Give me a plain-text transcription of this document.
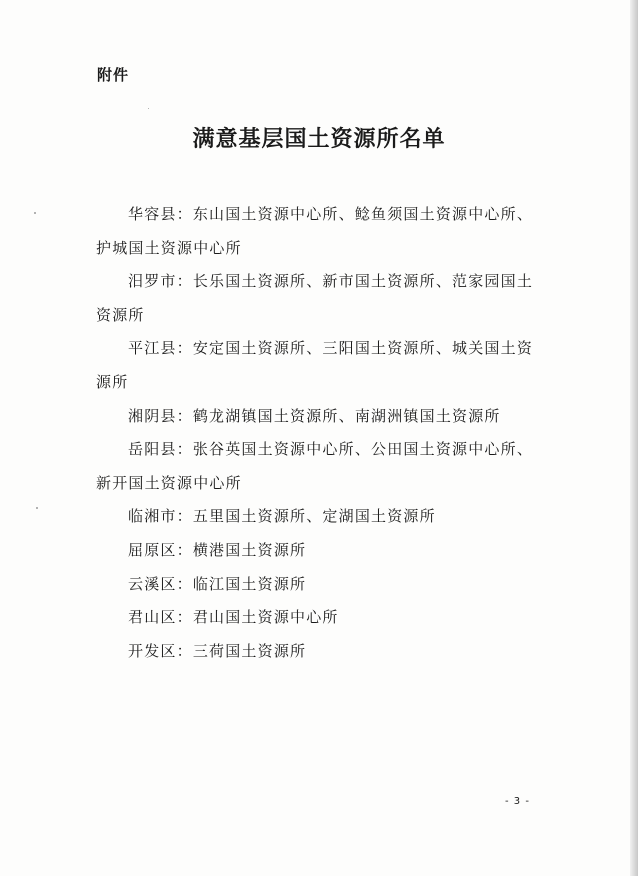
附件
满意基层国土资源所名单

华容县：东山国土资源中心所、鲶鱼须国土资源中心所、护城国土资源中心所

汨罗市：长乐国土资源所、新市国土资源所、范家园国土资源所

平江县：安定国土资源所、三阳国土资源所、城关国土资源所

湘阴县：鹤龙湖镇国土资源所、南湖洲镇国土资源所

岳阳县：张谷英国土资源中心所、公田国土资源中心所、新开国土资源中心所

临湘市：五里国土资源所、定湖国土资源所

屈原区：横港国土资源所

云溪区：临江国土资源所

君山区：君山国土资源中心所

开发区：三荷国土资源所

- 3 -
